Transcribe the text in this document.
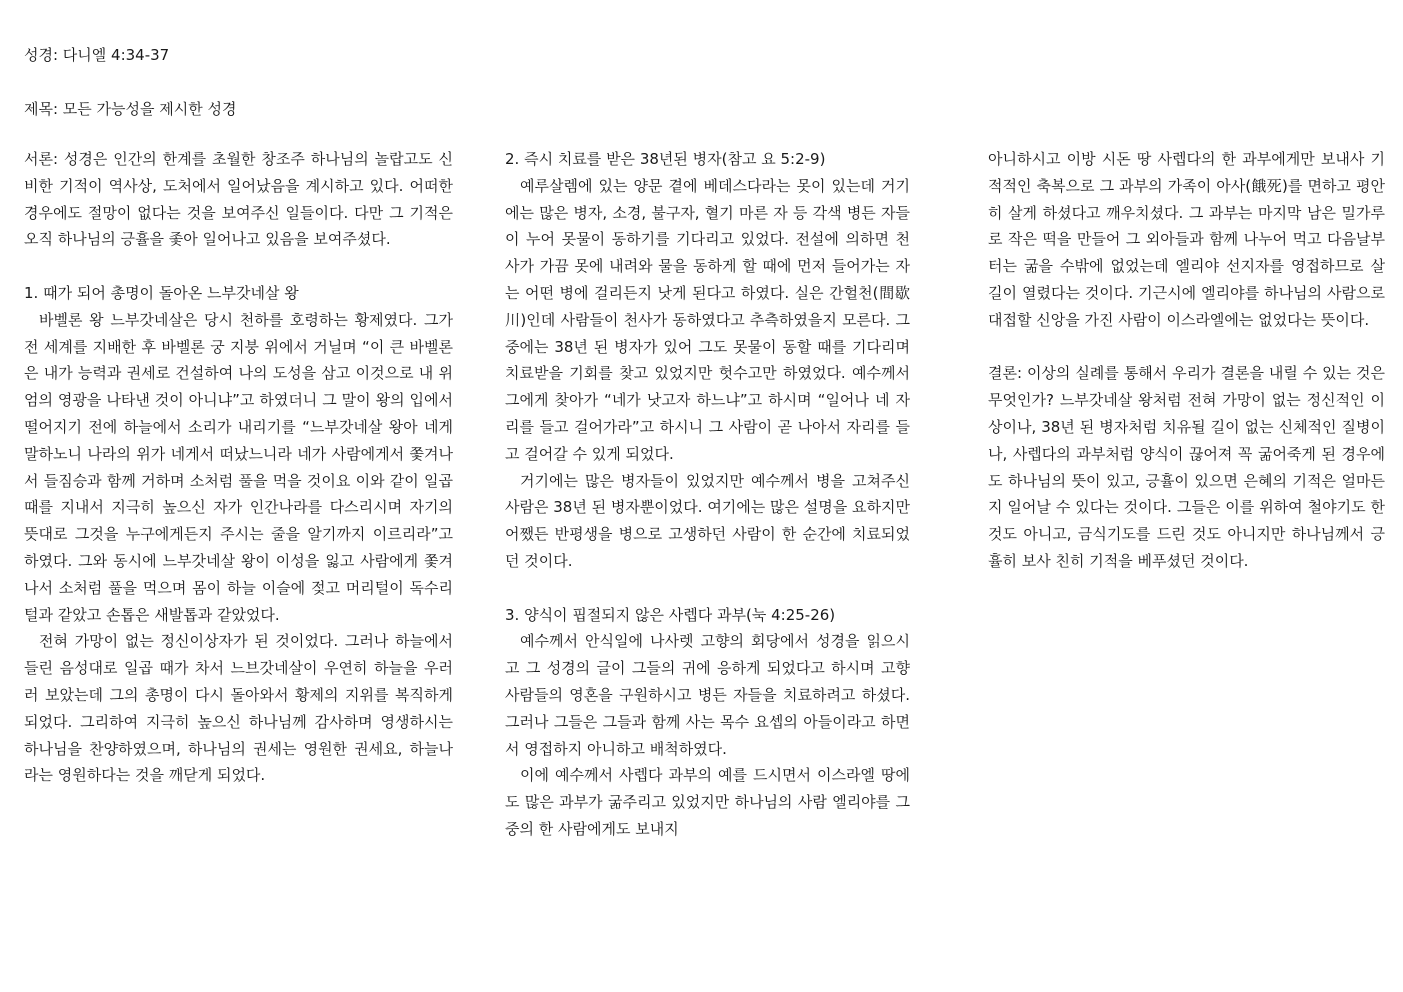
성경: 다니엘 4:34-37
제목: 모든 가능성을 제시한 성경

서론: 성경은 인간의 한계를 초월한 창조주 하나님의 놀랍고도 신비한 기적이 역사상, 도처에서 일어났음을 계시하고 있다. 어떠한 경우에도 절망이 없다는 것을 보여주신 일들이다. 다만 그 기적은 오직 하나님의 긍휼을 좇아 일어나고 있음을 보여주셨다.

1. 때가 되어 총명이 돌아온 느부갓네살 왕

바벨론 왕 느부갓네살은 당시 천하를 호령하는 황제였다. 그가 전 세계를 지배한 후 바벨론 궁 지붕 위에서 거닐며 “이 큰 바벨론은 내가 능력과 권세로 건설하여 나의 도성을 삼고 이것으로 내 위엄의 영광을 나타낸 것이 아니냐”고 하였더니 그 말이 왕의 입에서 떨어지기 전에 하늘에서 소리가 내리기를 “느부갓네살 왕아 네게 말하노니 나라의 위가 네게서 떠났느니라 네가 사람에게서 쫓겨나서 들짐승과 함께 거하며 소처럼 풀을 먹을 것이요 이와 같이 일곱 때를 지내서 지극히 높으신 자가 인간나라를 다스리시며 자기의 뜻대로 그것을 누구에게든지 주시는 줄을 알기까지 이르리라”고 하였다. 그와 동시에 느부갓네살 왕이 이성을 잃고 사람에게 쫓겨나서 소처럼 풀을 먹으며 몸이 하늘 이슬에 젖고 머리털이 독수리 털과 같았고 손톱은 새발톱과 같았었다.

전혀 가망이 없는 정신이상자가 된 것이었다. 그러나 하늘에서 들린 음성대로 일곱 때가 차서 느브갓네살이 우연히 하늘을 우러러 보았는데 그의 총명이 다시 돌아와서 황제의 지위를 복직하게 되었다. 그리하여 지극히 높으신 하나님께 감사하며 영생하시는 하나님을 찬양하였으며, 하나님의 권세는 영원한 권세요, 하늘나라는 영원하다는 것을 깨닫게 되었다.

2. 즉시 치료를 받은 38년된 병자(참고 요 5:2-9)

예루살렘에 있는 양문 곁에 베데스다라는 못이 있는데 거기에는 많은 병자, 소경, 불구자, 혈기 마른 자 등 각색 병든 자들이 누어 못물이 동하기를 기다리고 있었다. 전설에 의하면 천사가 가끔 못에 내려와 물을 동하게 할 때에 먼저 들어가는 자는 어떤 병에 걸리든지 낫게 된다고 하였다. 실은 간헐천(間歇川)인데 사람들이 천사가 동하였다고 추측하였을지 모른다. 그 중에는 38년 된 병자가 있어 그도 못물이 동할 때를 기다리며 치료받을 기회를 찾고 있었지만 헛수고만 하였었다. 예수께서 그에게 찾아가 “네가 낫고자 하느냐”고 하시며 “일어나 네 자리를 들고 걸어가라”고 하시니 그 사람이 곧 나아서 자리를 들고 걸어갈 수 있게 되었다.

거기에는 많은 병자들이 있었지만 예수께서 병을 고쳐주신 사람은 38년 된 병자뿐이었다. 여기에는 많은 설명을 요하지만 어쨌든 반평생을 병으로 고생하던 사람이 한 순간에 치료되었던 것이다.

3. 양식이 핍절되지 않은 사렙다 과부(눅 4:25-26)

예수께서 안식일에 나사렛 고향의 회당에서 성경을 읽으시고 그 성경의 글이 그들의 귀에 응하게 되었다고 하시며 고향 사람들의 영혼을 구원하시고 병든 자들을 치료하려고 하셨다. 그러나 그들은 그들과 함께 사는 목수 요셉의 아들이라고 하면서 영접하지 아니하고 배척하였다.

이에 예수께서 사렙다 과부의 예를 드시면서 이스라엘 땅에도 많은 과부가 굶주리고 있었지만 하나님의 사람 엘리야를 그 중의 한 사람에게도 보내지

아니하시고 이방 시돈 땅 사렙다의 한 과부에게만 보내사 기적적인 축복으로 그 과부의 가족이 아사(餓死)를 면하고 평안히 살게 하셨다고 깨우치셨다. 그 과부는 마지막 남은 밀가루로 작은 떡을 만들어 그 외아들과 함께 나누어 먹고 다음날부터는 굶을 수밖에 없었는데 엘리야 선지자를 영접하므로 살 길이 열렸다는 것이다. 기근시에 엘리야를 하나님의 사람으로 대접할 신앙을 가진 사람이 이스라엘에는 없었다는 뜻이다.

결론: 이상의 실례를 통해서 우리가 결론을 내릴 수 있는 것은 무엇인가? 느부갓네살 왕처럼 전혀 가망이 없는 정신적인 이상이나, 38년 된 병자처럼 치유될 길이 없는 신체적인 질병이나, 사렙다의 과부처럼 양식이 끊어져 꼭 굶어죽게 된 경우에도 하나님의 뜻이 있고, 긍휼이 있으면 은혜의 기적은 얼마든지 일어날 수 있다는 것이다. 그들은 이를 위하여 철야기도 한 것도 아니고, 금식기도를 드린 것도 아니지만 하나님께서 긍휼히 보사 친히 기적을 베푸셨던 것이다.
